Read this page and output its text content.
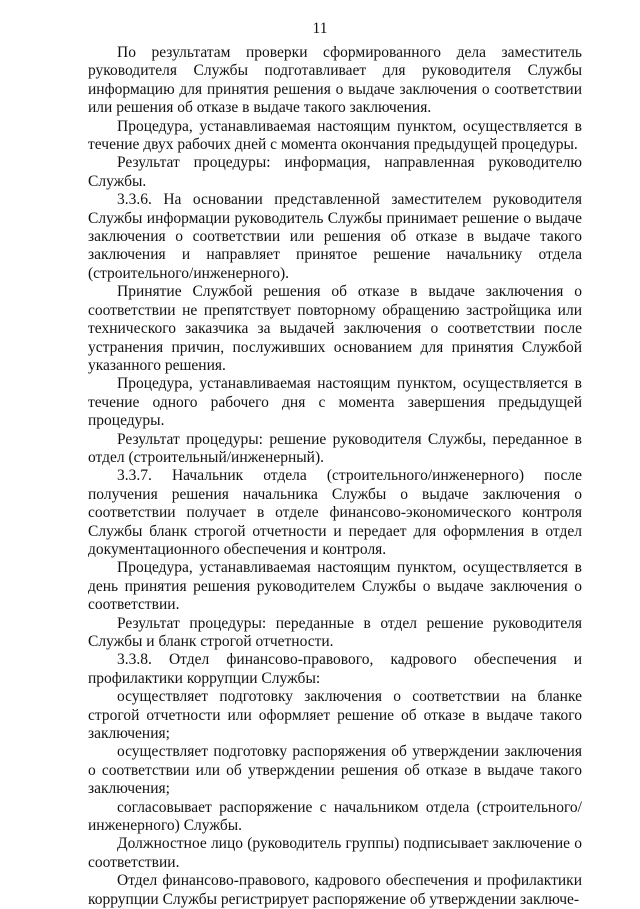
11

По результатам проверки сформированного дела заместитель руководителя Службы подготавливает для руководителя Службы информацию для принятия решения о выдаче заключения о соответствии или решения об отказе в выдаче такого заключения.

Процедура, устанавливаемая настоящим пунктом, осуществляется в течение двух рабочих дней с момента окончания предыдущей процедуры.

Результат процедуры: информация, направленная руководителю Службы.

3.3.6. На основании представленной заместителем руководителя Службы информации руководитель Службы принимает решение о выдаче заключения о соответствии или решения об отказе в выдаче такого заключения и направляет принятое решение начальнику отдела (строительного/инженерного).

Принятие Службой решения об отказе в выдаче заключения о соответствии не препятствует повторному обращению застройщика или технического заказчика за выдачей заключения о соответствии после устранения причин, послуживших основанием для принятия Службой указанного решения.

Процедура, устанавливаемая настоящим пунктом, осуществляется в течение одного рабочего дня с момента завершения предыдущей процедуры.

Результат процедуры: решение руководителя Службы, переданное в отдел (строительный/инженерный).

3.3.7. Начальник отдела (строительного/инженерного) после получения решения начальника Службы о выдаче заключения о соответствии получает в отделе финансово-экономического контроля Службы бланк строгой отчетности и передает для оформления в отдел документационного обеспечения и контроля.

Процедура, устанавливаемая настоящим пунктом, осуществляется в день принятия решения руководителем Службы о выдаче заключения о соответствии.

Результат процедуры: переданные в отдел решение руководителя Службы и бланк строгой отчетности.

3.3.8. Отдел финансово-правового, кадрового обеспечения и профилактики коррупции Службы:

осуществляет подготовку заключения о соответствии на бланке строгой отчетности или оформляет решение об отказе в выдаче такого заключения;

осуществляет подготовку распоряжения об утверждении заключения о соответствии или об утверждении решения об отказе в выдаче такого заключения;

согласовывает распоряжение с начальником отдела (строительного/инженерного) Службы.

Должностное лицо (руководитель группы) подписывает заключение о соответствии.

Отдел финансово-правового, кадрового обеспечения и профилактики коррупции Службы регистрирует распоряжение об утверждении заключе-
